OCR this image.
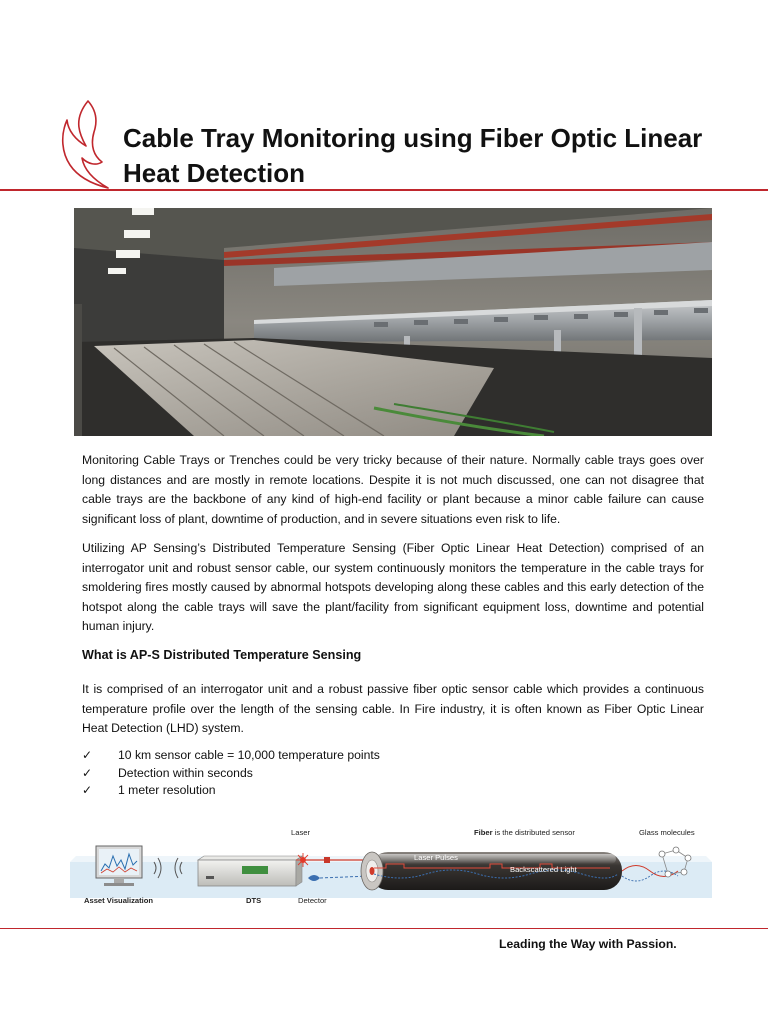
Cable Tray Monitoring using Fiber Optic Linear Heat Detection

Monitoring Cable Trays or Trenches could be very tricky because of their nature. Normally cable trays goes over long distances and are mostly in remote locations. Despite it is not much discussed, one can not disagree that cable trays are the backbone of any kind of high-end facility or plant because a minor cable failure can cause significant loss of plant, downtime of production, and in severe situations even risk to life.

Utilizing AP Sensing’s Distributed Temperature Sensing (Fiber Optic Linear Heat Detection) comprised of an interrogator unit and robust sensor cable, our system continuously monitors the temperature in the cable trays for smoldering fires mostly caused by abnormal hotspots developing along these cables and this early detection of the hotspot along the cable trays will save the plant/facility from significant equipment loss, downtime and potential human injury.

What is AP-S Distributed Temperature Sensing

It is comprised of an interrogator unit and a robust passive fiber optic sensor cable which provides a continuous temperature profile over the length of the sensing cable. In Fire industry, it is often known as Fiber Optic Linear Heat Detection (LHD) system.

✓ 10 km sensor cable = 10,000 temperature points
✓ Detection within seconds
✓ 1 meter resolution
Laser	Fiber is the distributed sensor	Glass molecules
Laser Pulses
Backscattered Light
Asset Visualization	DTS	Detector

Leading the Way with Passion.
